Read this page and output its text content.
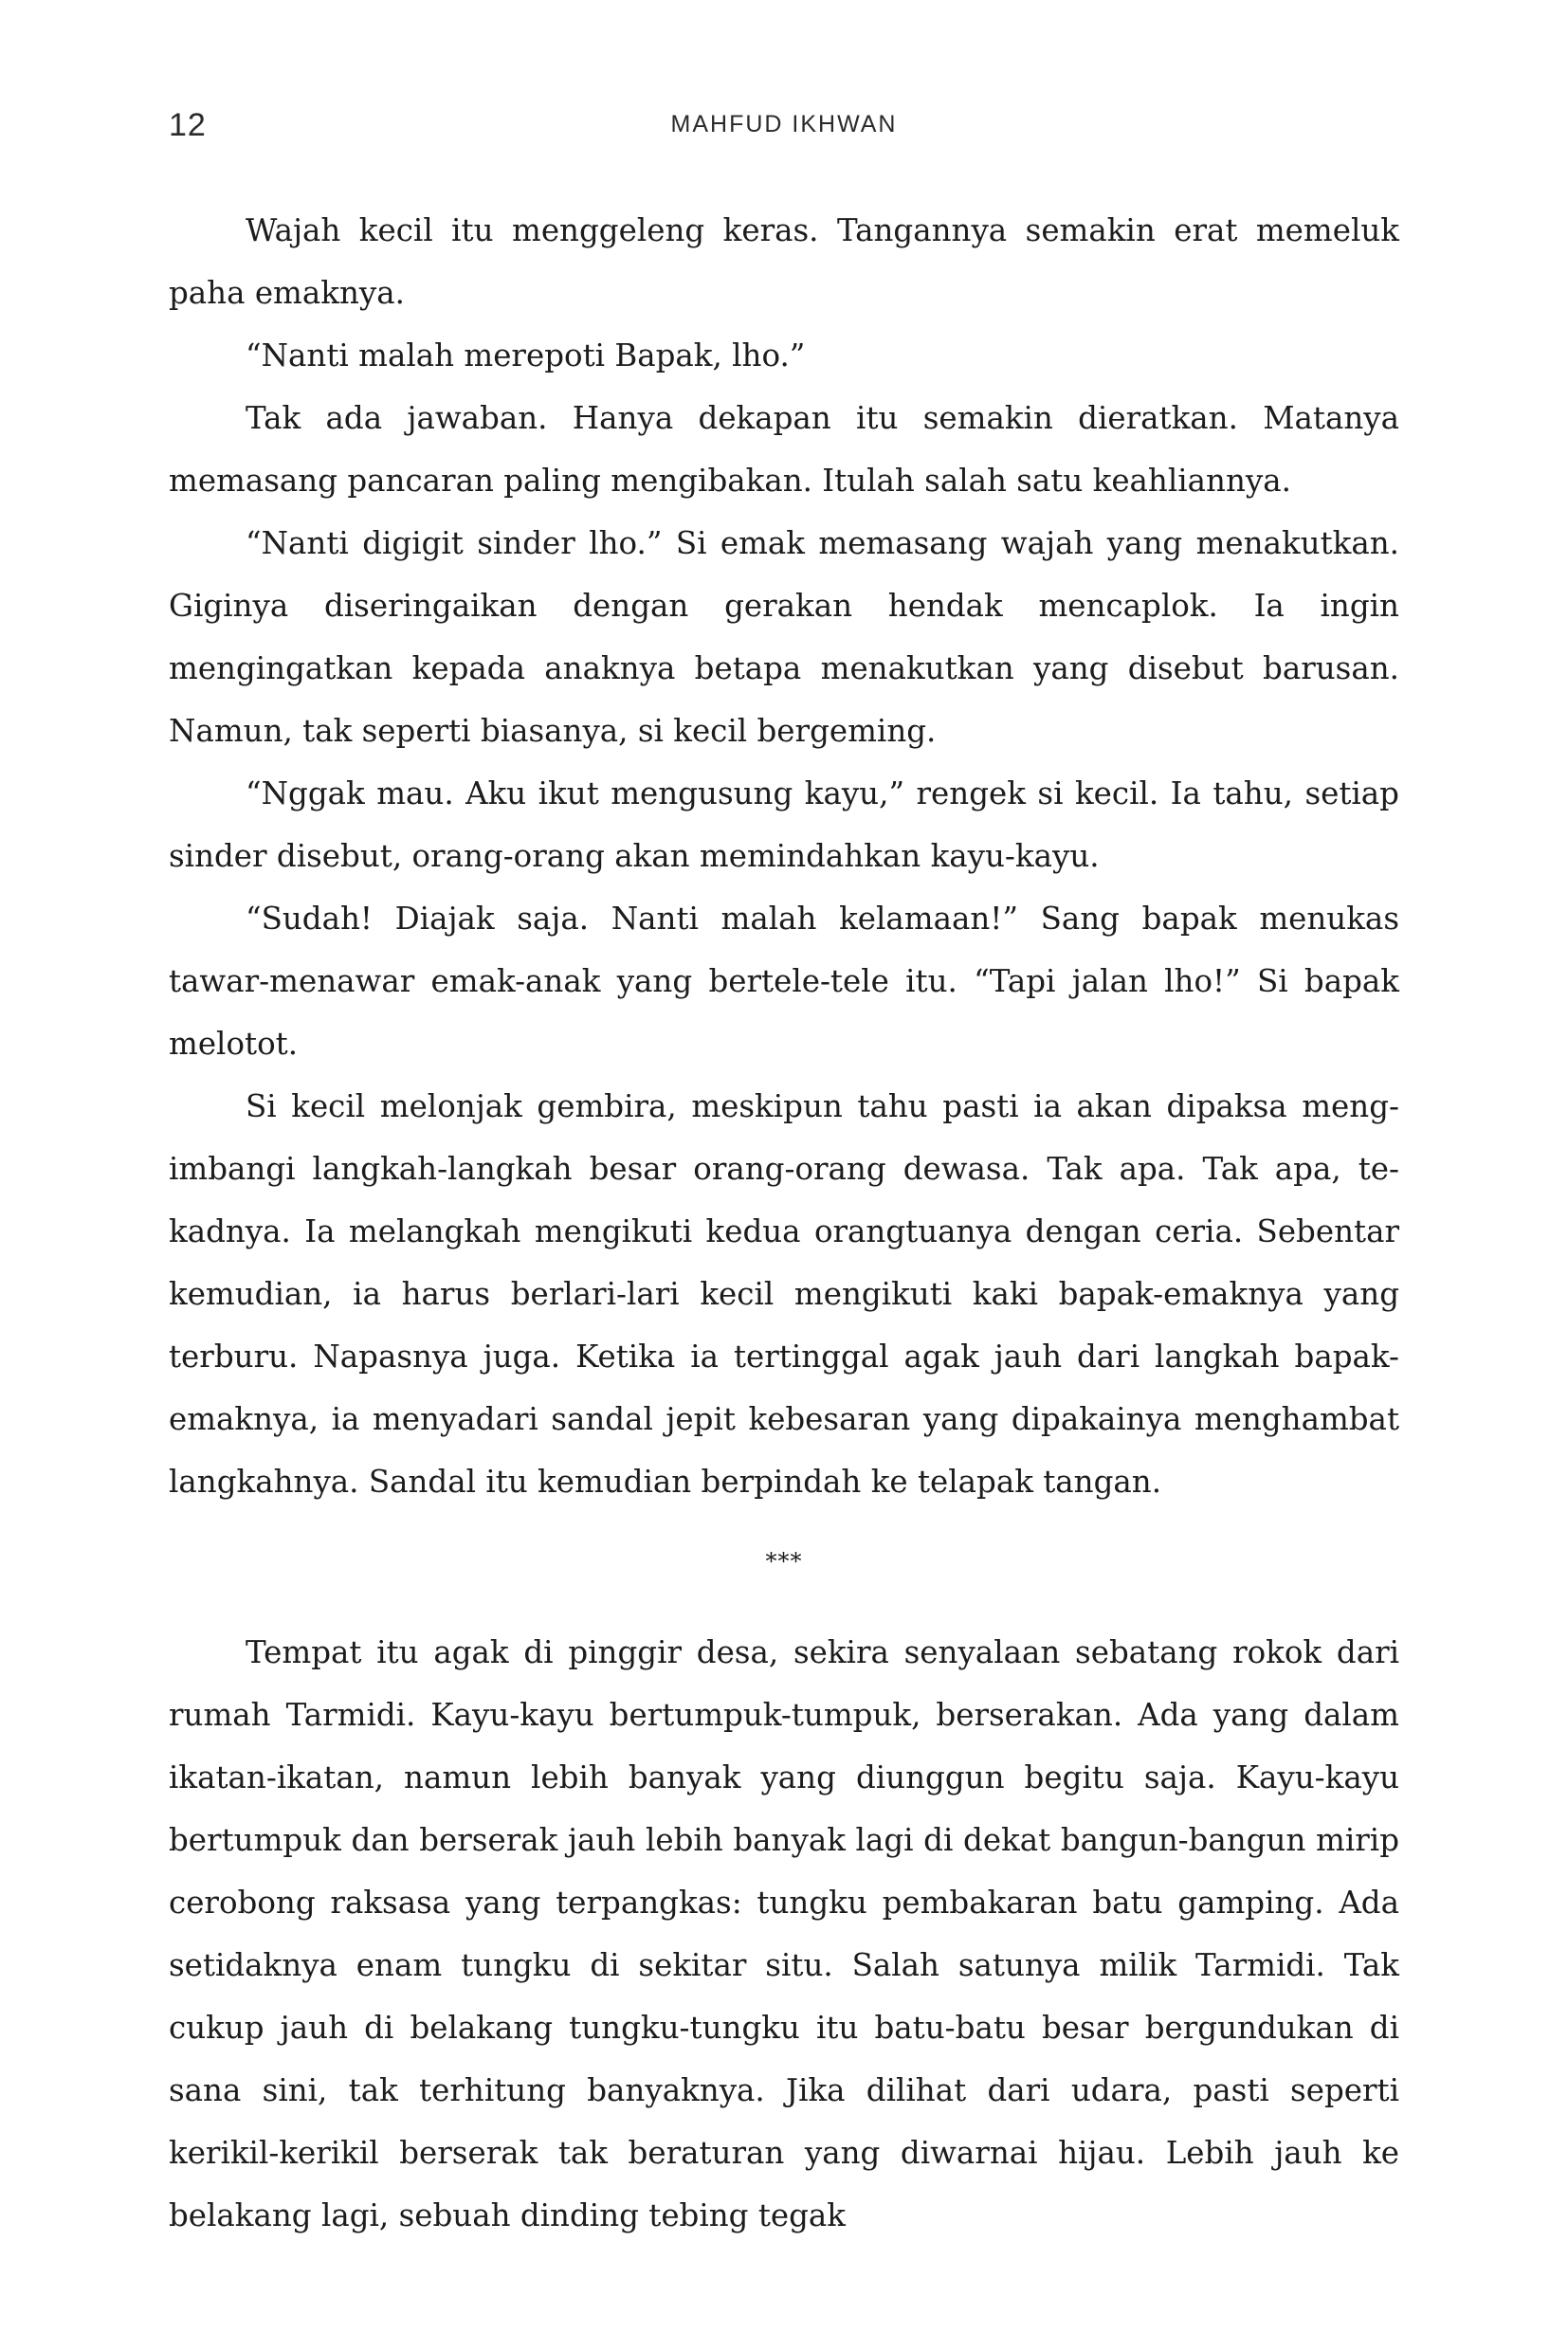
12	MAHFUD IKHWAN

Wajah kecil itu menggeleng keras. Tangannya semakin erat memeluk paha emaknya.

“Nanti malah merepoti Bapak, lho.”

Tak ada jawaban. Hanya dekapan itu semakin dieratkan. Matanya memasang pancaran paling mengibakan. Itulah salah satu keahliannya.

“Nanti digigit sinder lho.” Si emak memasang wajah yang menakutkan. Giginya diseringaikan dengan gerakan hendak mencaplok. Ia ingin mengingatkan kepada anaknya betapa menakutkan yang disebut barusan. Namun, tak seperti biasanya, si kecil bergeming.

“Nggak mau. Aku ikut mengusung kayu,” rengek si kecil. Ia tahu, setiap sinder disebut, orang-orang akan memindahkan kayu-kayu.

“Sudah! Diajak saja. Nanti malah kelamaan!” Sang bapak menukas tawar-menawar emak-anak yang bertele-tele itu. “Tapi jalan lho!” Si bapak melotot.

Si kecil melonjak gembira, meskipun tahu pasti ia akan dipaksa mengimbangi langkah-langkah besar orang-orang dewasa. Tak apa. Tak apa, tekadnya. Ia melangkah mengikuti kedua orangtuanya dengan ceria. Sebentar kemudian, ia harus berlari-lari kecil mengikuti kaki bapak-emaknya yang terburu. Napasnya juga. Ketika ia tertinggal agak jauh dari langkah bapak-emaknya, ia menyadari sandal jepit kebesaran yang dipakainya menghambat langkahnya. Sandal itu kemudian berpindah ke telapak tangan.

***

Tempat itu agak di pinggir desa, sekira senyalaan sebatang rokok dari rumah Tarmidi. Kayu-kayu bertumpuk-tumpuk, berserakan. Ada yang dalam ikatan-ikatan, namun lebih banyak yang diunggun begitu saja. Kayu-kayu bertumpuk dan berserak jauh lebih banyak lagi di dekat bangun-bangun mirip cerobong raksasa yang terpangkas: tungku pembakaran batu gamping. Ada setidaknya enam tungku di sekitar situ. Salah satunya milik Tarmidi. Tak cukup jauh di belakang tungku-tungku itu batu-batu besar bergundukan di sana sini, tak terhitung banyaknya. Jika dilihat dari udara, pasti seperti kerikil-kerikil berserak tak beraturan yang diwarnai hijau. Lebih jauh ke belakang lagi, sebuah dinding tebing tegak
